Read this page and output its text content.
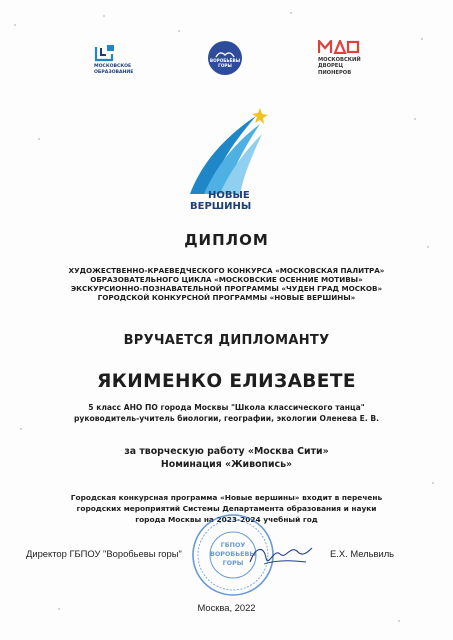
МОСКОВСКОЕ
ОБРАЗОВАНИЕ
ВОРОБЬЁВЫ
ГОРЫ
МОСКОВСКИЙ
ДВОРЕЦ
ПИОНЕРОВ
НОВЫЕ
ВЕРШИНЫ
ДИПЛОМ
ХУДОЖЕСТВЕННО-КРАЕВЕДЧЕСКОГО КОНКУРСА «МОСКОВСКАЯ ПАЛИТРА»
ОБРАЗОВАТЕЛЬНОГО ЦИКЛА «МОСКОВСКИЕ ОСЕННИЕ МОТИВЫ»
ЭКСКУРСИОННО-ПОЗНАВАТЕЛЬНОЙ ПРОГРАММЫ «ЧУДЕН ГРАД МОСКОВ»
ГОРОДСКОЙ КОНКУРСНОЙ ПРОГРАММЫ «НОВЫЕ ВЕРШИНЫ»
ВРУЧАЕТСЯ ДИПЛОМАНТУ
ЯКИМЕНКО ЕЛИЗАВЕТЕ
5 класс АНО ПО города Москвы "Школа классического танца"
руководитель-учитель биологии, географии, экологии Оленева Е. В.
за творческую работу «Москва Сити»
Номинация «Живопись»
Городская конкурсная программа «Новые вершины» входит в перечень
городских мероприятий Системы Департамента образования и науки
города Москвы на 2023-2024 учебный год
ГБПОУ
ВОРОБЬЕВЫ
ГОРЫ
Директор ГБПОУ "Воробьевы горы"	Е.Х. Мельвиль
Москва, 2022
